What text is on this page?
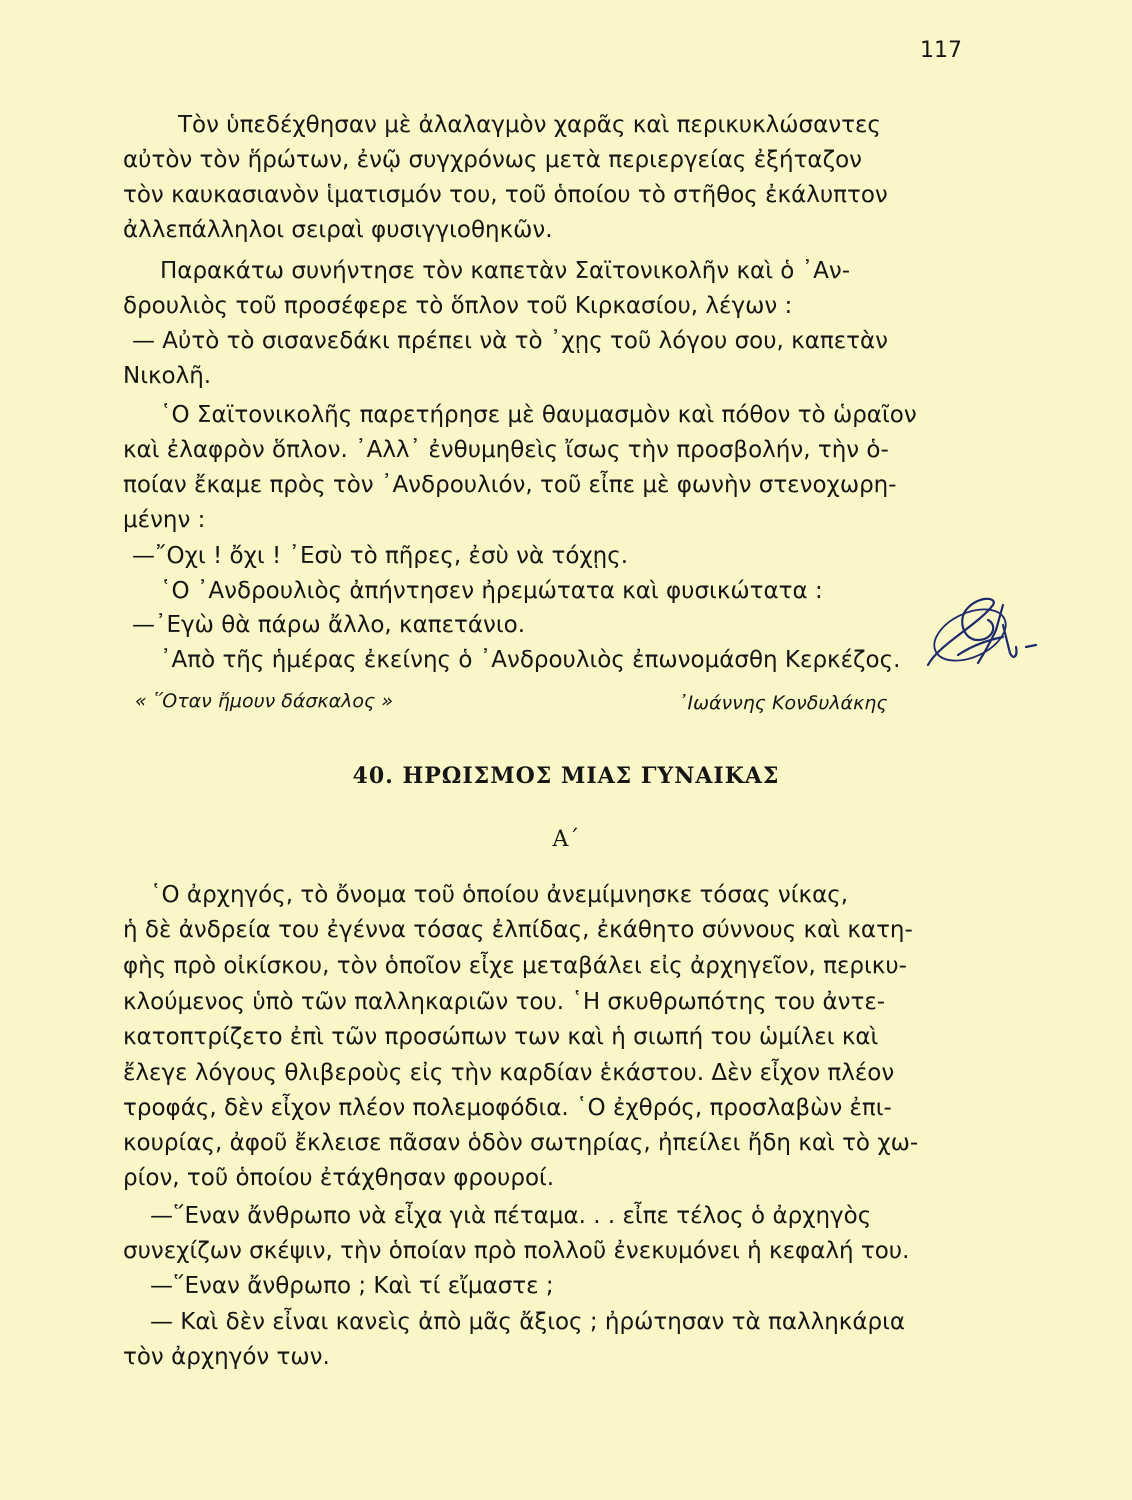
117
Τὸν ὑπεδέχθησαν μὲ ἀλαλαγμὸν χαρᾶς καὶ περικυκλώσαντες
αὐτὸν τὸν ἥρώτων, ἐνῷ συγχρόνως μετὰ περιεργείας ἐξήταζον
τὸν καυκασιανὸν ἱματισμόν του, τοῦ ὁποίου τὸ στῆθος ἐκάλυπτον
ἀλλεπάλληλοι σειραὶ φυσιγγιοθηκῶν.
Παρακάτω συνήντησε τὸν καπετὰν Σαϊτονικολῆν καὶ ὁ ᾿Αν-
δρουλιὸς τοῦ προσέφερε τὸ ὅπλον τοῦ Κιρκασίου, λέγων :
— Αὐτὸ τὸ σισανεδάκι πρέπει νὰ τὸ ᾿χῃς τοῦ λόγου σου, καπετὰν
Νικολῆ.
῾Ο Σαϊτονικολῆς παρετήρησε μὲ θαυμασμὸν καὶ πόθον τὸ ὡραῖον
καὶ ἐλαφρὸν ὅπλον. ᾿Αλλ᾿ ἐνθυμηθεὶς ἴσως τὴν προσβολήν, τὴν ὁ-
ποίαν ἔκαμε πρὸς τὸν ᾿Ανδρουλιόν, τοῦ εἶπε μὲ φωνὴν στενοχωρη-
μένην :
—῎Οχι ! ὄχι ! ᾿Εσὺ τὸ πῆρες, ἐσὺ νὰ τόχῃς.
῾Ο ᾿Ανδρουλιὸς ἀπήντησεν ἠρεμώτατα καὶ φυσικώτατα :
—᾿Εγὼ θὰ πάρω ἄλλο, καπετάνιο.
᾿Απὸ τῆς ἡμέρας ἐκείνης ὁ ᾿Ανδρουλιὸς ἐπωνομάσθη Κερκέζος.
« ῞Οταν ἤμουν δάσκαλος »	᾿Ιωάννης Κονδυλάκης
40. ΗΡΩΙΣΜΟΣ ΜΙΑΣ ΓΥΝΑΙΚΑΣ
Α΄
῾Ο ἀρχηγός, τὸ ὄνομα τοῦ ὁποίου ἀνεμίμνησκε τόσας νίκας,
ἡ δὲ ἀνδρεία του ἐγέννα τόσας ἐλπίδας, ἐκάθητο σύννους καὶ κατη-
φὴς πρὸ οἰκίσκου, τὸν ὁποῖον εἶχε μεταβάλει εἰς ἀρχηγεῖον, περικυ-
κλούμενος ὑπὸ τῶν παλληκαριῶν του. ῾Η σκυθρωπότης του ἀντε-
κατοπτρίζετο ἐπὶ τῶν προσώπων των καὶ ἡ σιωπή του ὡμίλει καὶ
ἔλεγε λόγους θλιβεροὺς εἰς τὴν καρδίαν ἑκάστου. Δὲν εἶχον πλέον
τροφάς, δὲν εἶχον πλέον πολεμοφόδια. ῾Ο ἐχθρός, προσλαβὼν ἐπι-
κουρίας, ἀφοῦ ἔκλεισε πᾶσαν ὁδὸν σωτηρίας, ἠπείλει ἤδη καὶ τὸ χω-
ρίον, τοῦ ὁποίου ἐτάχθησαν φρουροί.
—῞Εναν ἄνθρωπο νὰ εἶχα γιὰ πέταμα. . . εἶπε τέλος ὁ ἀρχηγὸς
συνεχίζων σκέψιν, τὴν ὁποίαν πρὸ πολλοῦ ἐνεκυμόνει ἡ κεφαλή του.
—῞Εναν ἄνθρωπο ; Καὶ τί εἴμαστε ;
— Καὶ δὲν εἶναι κανεὶς ἀπὸ μᾶς ἄξιος ; ἠρώτησαν τὰ παλληκάρια
τὸν ἀρχηγόν των.
